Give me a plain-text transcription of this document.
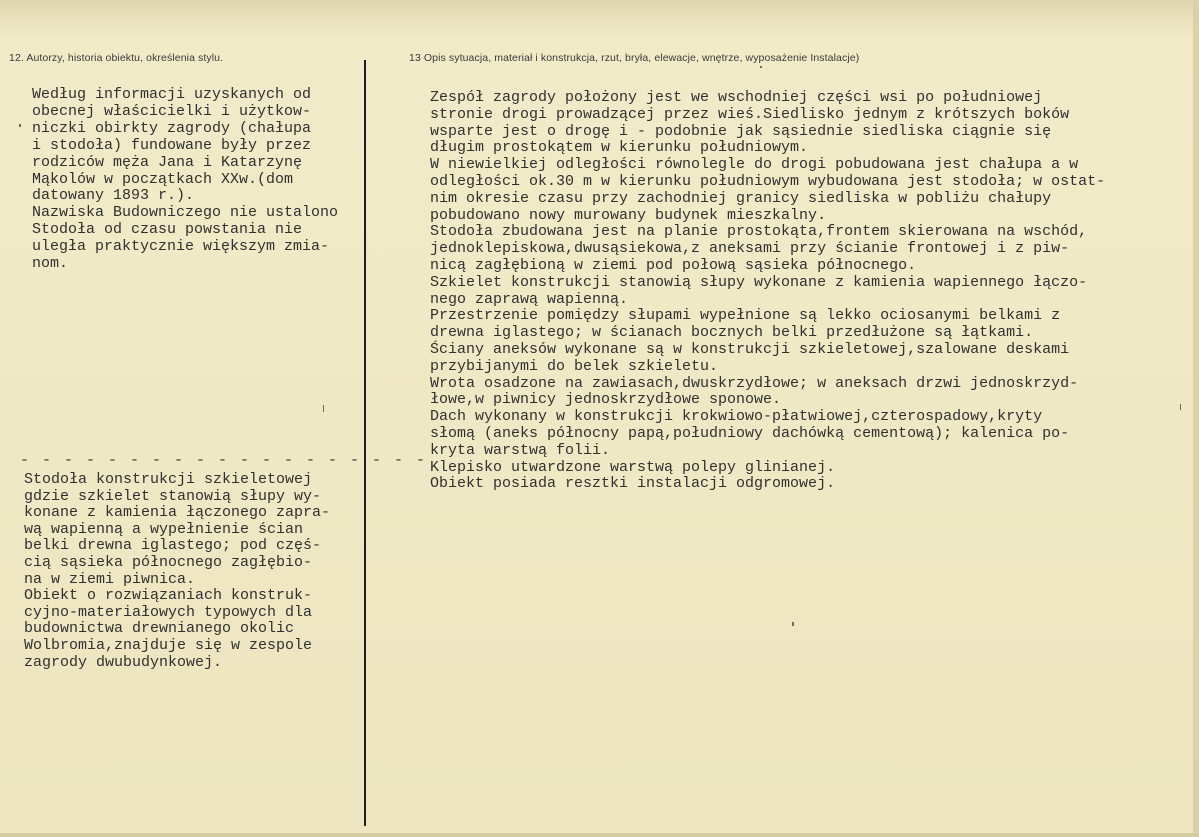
12. Autorzy, historia obiektu, określenia stylu.	13 Opis sytuacja, materiał i konstrukcja, rzut, bryła, elewacje, wnętrze, wyposażenie Instalacje)
Według informacji uzyskanych od
obecnej właścicielki i użytkow-
niczki obirkty zagrody (chałupa
i stodoła) fundowane były przez
rodziców męża Jana i Katarzynę
Mąkolów w początkach XXw.(dom
datowany 1893 r.).
Nazwiska Budowniczego nie ustalono
Stodoła od czasu powstania nie
uległa praktycznie większym zmia-
nom.
- - - - - - - - - - - - - - - - - - -
Stodoła konstrukcji szkieletowej
gdzie szkielet stanowią słupy wy-
konane z kamienia łączonego zapra-
wą wapienną a wypełnienie ścian
belki drewna iglastego; pod częś-
cią sąsieka północnego zagłębio-
na w ziemi piwnica.
Obiekt o rozwiązaniach konstruk-
cyjno-materiałowych typowych dla
budownictwa drewnianego okolic
Wolbromia,znajduje się w zespole
zagrody dwubudynkowej.
Zespół zagrody położony jest we wschodniej części wsi po południowej
stronie drogi prowadzącej przez wieś.Siedlisko jednym z krótszych boków
wsparte jest o drogę i - podobnie jak sąsiednie siedliska ciągnie się
długim prostokątem w kierunku południowym.
W niewielkiej odległości równolegle do drogi pobudowana jest chałupa a w
odległości ok.30 m w kierunku południowym wybudowana jest stodoła; w ostat-
nim okresie czasu przy zachodniej granicy siedliska w pobliżu chałupy
pobudowano nowy murowany budynek mieszkalny.
Stodoła zbudowana jest na planie prostokąta,frontem skierowana na wschód,
jednoklepiskowa,dwusąsiekowa,z aneksami przy ścianie frontowej i z piw-
nicą zagłębioną w ziemi pod połową sąsieka północnego.
Szkielet konstrukcji stanowią słupy wykonane z kamienia wapiennego łączo-
nego zaprawą wapienną.
Przestrzenie pomiędzy słupami wypełnione są lekko ociosanymi belkami z
drewna iglastego; w ścianach bocznych belki przedłużone są łątkami.
Ściany aneksów wykonane są w konstrukcji szkieletowej,szalowane deskami
przybijanymi do belek szkieletu.
Wrota osadzone na zawiasach,dwuskrzydłowe; w aneksach drzwi jednoskrzyd-
łowe,w piwnicy jednoskrzydłowe sponowe.
Dach wykonany w konstrukcji krokwiowo-płatwiowej,czterospadowy,kryty
słomą (aneks północny papą,południowy dachówką cementową); kalenica po-
kryta warstwą folii.
Klepisko utwardzone warstwą polepy glinianej.
Obiekt posiada resztki instalacji odgromowej.
